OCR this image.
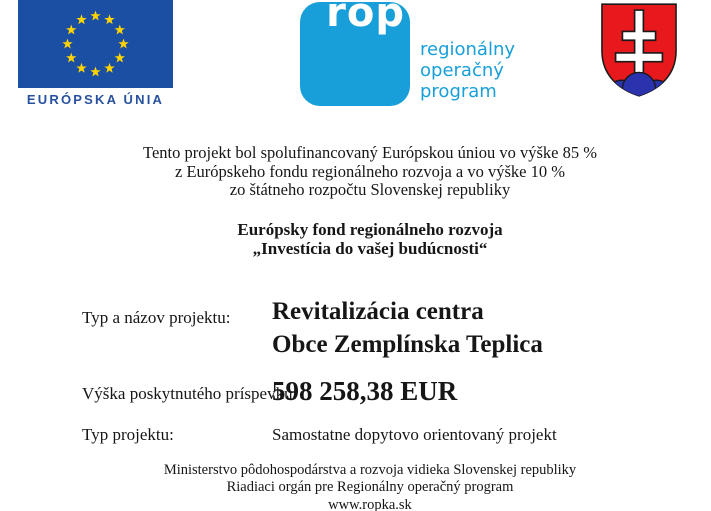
EURÓPSKA ÚNIA
rop
regionálny
operačný
program
Tento projekt bol spolufinancovaný Európskou úniou vo výške 85 %
z Európskeho fondu regionálneho rozvoja a vo výške 10 %
zo štátneho rozpočtu Slovenskej republiky
Európsky fond regionálneho rozvoja
„Investícia do vašej budúcnosti“
Typ a názov projektu: Revitalizácia centra
Obce Zemplínska Teplica
Výška poskytnutého príspevku:
598 258,38 EUR
Typ projektu:	Samostatne dopytovo orientovaný projekt
Ministerstvo pôdohospodárstva a rozvoja vidieka Slovenskej republiky
Riadiaci orgán pre Regionálny operačný program
www.ropka.sk
